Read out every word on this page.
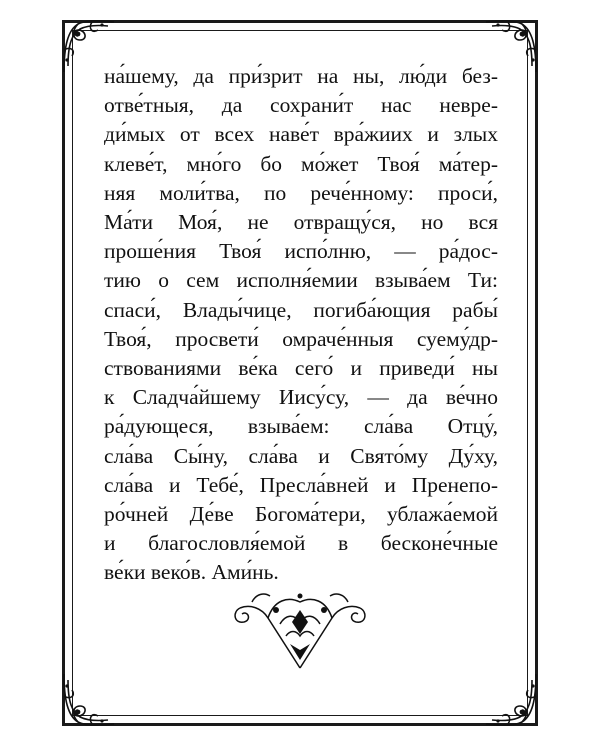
на́шему, да при́зрит на ны, лю́ди без-
отве́тныя, да сохрани́т нас невре-
ди́мых от всех наве́т вра́жиих и злых
клеве́т, мно́го бо мо́жет Твоя́ ма́тер-
няя моли́тва, по рече́нному: проси́,
Ма́ти Моя́, не отвращу́ся, но вся
проше́ния Твоя́ испо́лню, — ра́дос-
тию о сем исполня́емии взыва́ем Ти:
спаси́, Влады́чице, погиба́ющия рабы́
Твоя́, просвети́ омраче́нныя суему́др-
ствованиями ве́ка сего́ и приведи́ ны
к Сладча́йшему Иису́су, — да ве́чно
ра́дующеся, взыва́ем: сла́ва Отцу́,
сла́ва Сы́ну, сла́ва и Свято́му Ду́ху,
сла́ва и Тебе́, Пресла́вней и Пренепо-
ро́чней Де́ве Богома́тери, ублажа́емой
и благословля́емой в бесконе́чные
ве́ки веко́в. Ами́нь.
